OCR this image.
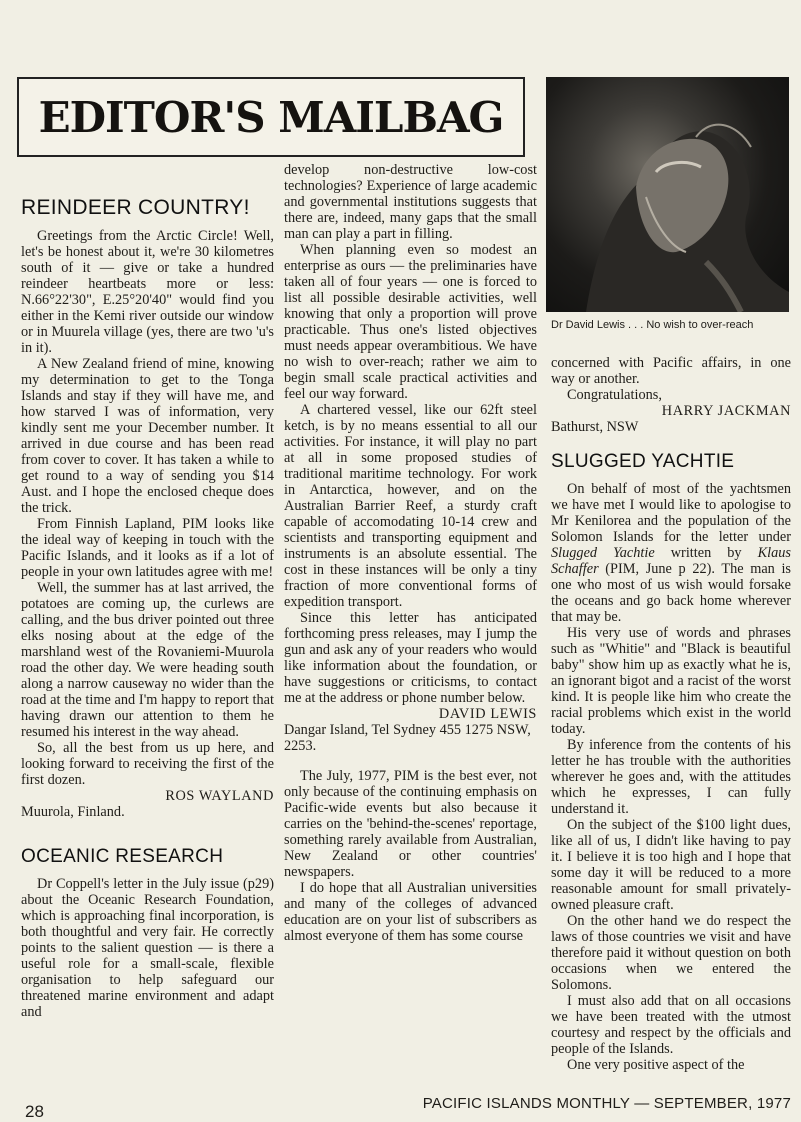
EDITOR'S MAILBAG
Dr David Lewis . . . No wish to over-reach
REINDEER COUNTRY!

Greetings from the Arctic Circle! Well, let's be honest about it, we're 30 kilometres south of it — give or take a hundred reindeer heartbeats more or less: N.66°22'30", E.25°20'40" would find you either in the Kemi river outside our window or in Muurela village (yes, there are two 'u's in it).

A New Zealand friend of mine, knowing my determination to get to the Tonga Islands and stay if they will have me, and how starved I was of information, very kindly sent me your December number. It arrived in due course and has been read from cover to cover. It has taken a while to get round to a way of sending you $14 Aust. and I hope the enclosed cheque does the trick.

From Finnish Lapland, PIM looks like the ideal way of keeping in touch with the Pacific Islands, and it looks as if a lot of people in your own latitudes agree with me!

Well, the summer has at last arrived, the potatoes are coming up, the curlews are calling, and the bus driver pointed out three elks nosing about at the edge of the marshland west of the Rovaniemi-Muurola road the other day. We were heading south along a narrow causeway no wider than the road at the time and I'm happy to report that having drawn our attention to them he resumed his interest in the way ahead.

So, all the best from us up here, and looking forward to receiving the first of the first dozen.

ROS WAYLAND

Muurola, Finland.

OCEANIC RESEARCH

Dr Coppell's letter in the July issue (p29) about the Oceanic Research Foundation, which is approaching final incorporation, is both thoughtful and very fair. He correctly points to the salient question — is there a useful role for a small-scale, flexible organisation to help safeguard our threatened marine environment and adapt and

develop non-destructive low-cost technologies? Experience of large academic and governmental institutions suggests that there are, indeed, many gaps that the small man can play a part in filling.

When planning even so modest an enterprise as ours — the preliminaries have taken all of four years — one is forced to list all possible desirable activities, well knowing that only a proportion will prove practicable. Thus one's listed objectives must needs appear overambitious. We have no wish to over-reach; rather we aim to begin small scale practical activities and feel our way forward.

A chartered vessel, like our 62ft steel ketch, is by no means essential to all our activities. For instance, it will play no part at all in some proposed studies of traditional maritime technology. For work in Antarctica, however, and on the Australian Barrier Reef, a sturdy craft capable of accomodating 10-14 crew and scientists and transporting equipment and instruments is an absolute essential. The cost in these instances will be only a tiny fraction of more conventional forms of expedition transport.

Since this letter has anticipated forthcoming press releases, may I jump the gun and ask any of your readers who would like information about the foundation, or have suggestions or criticisms, to contact me at the address or phone number below.

DAVID LEWIS

Dangar Island, Tel Sydney 455 1275 NSW, 2253.

The July, 1977, PIM is the best ever, not only because of the continuing emphasis on Pacific-wide events but also because it carries on the 'behind-the-scenes' reportage, something rarely available from Australian, New Zealand or other countries' newspapers.

I do hope that all Australian universities and many of the colleges of advanced education are on your list of subscribers as almost everyone of them has some course

concerned with Pacific affairs, in one way or another.

Congratulations,

HARRY JACKMAN

Bathurst, NSW

SLUGGED YACHTIE

On behalf of most of the yachtsmen we have met I would like to apologise to Mr Kenilorea and the population of the Solomon Islands for the letter under Slugged Yachtie written by Klaus Schaffer (PIM, June p 22). The man is one who most of us wish would forsake the oceans and go back home wherever that may be.

His very use of words and phrases such as "Whitie" and "Black is beautiful baby" show him up as exactly what he is, an ignorant bigot and a racist of the worst kind. It is people like him who create the racial problems which exist in the world today.

By inference from the contents of his letter he has trouble with the authorities wherever he goes and, with the attitudes which he expresses, I can fully understand it.

On the subject of the $100 light dues, like all of us, I didn't like having to pay it. I believe it is too high and I hope that some day it will be reduced to a more reasonable amount for small privately-owned pleasure craft.

On the other hand we do respect the laws of those countries we visit and have therefore paid it without question on both occasions when we entered the Solomons.

I must also add that on all occasions we have been treated with the utmost courtesy and respect by the officials and people of the Islands.

One very positive aspect of the

28	PACIFIC ISLANDS MONTHLY — SEPTEMBER, 1977
